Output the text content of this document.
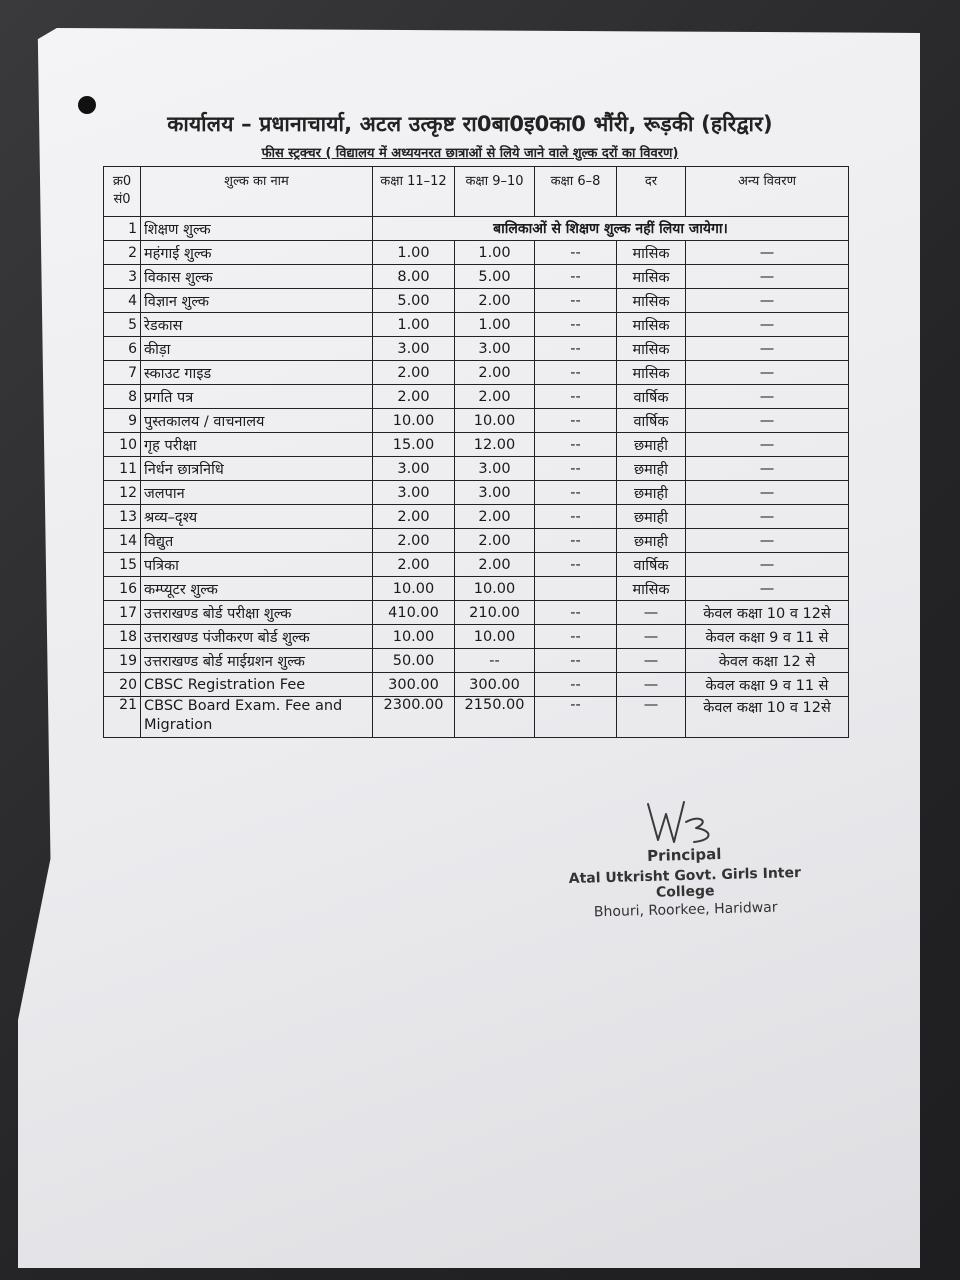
कार्यालय – प्रधानाचार्या, अटल उत्कृष्ट रा0बा0इ0का0 भौंरी, रूड़की (हरिद्वार)
फीस स्ट्रक्चर ( विद्यालय में अध्ययनरत छात्राओं से लिये जाने वाले शुल्क दरों का विवरण)
क्र0 सं0	शुल्क का नाम	कक्षा 11–12	कक्षा 9–10	कक्षा 6–8	दर	अन्य विवरण
1	शिक्षण शुल्क	बालिकाओं से शिक्षण शुल्क नहीं लिया जायेगा।				
2	महंगाई शुल्क	1.00	1.00	--	मासिक	—
3	विकास शुल्क	8.00	5.00	--	मासिक	—
4	विज्ञान शुल्क	5.00	2.00	--	मासिक	—
5	रेडकास	1.00	1.00	--	मासिक	—
6	कीड़ा	3.00	3.00	--	मासिक	—
7	स्काउट गाइड	2.00	2.00	--	मासिक	—
8	प्रगति पत्र	2.00	2.00	--	वार्षिक	—
9	पुस्तकालय / वाचनालय	10.00	10.00	--	वार्षिक	—
10	गृह परीक्षा	15.00	12.00	--	छमाही	—
11	निर्धन छात्रनिधि	3.00	3.00	--	छमाही	—
12	जलपान	3.00	3.00	--	छमाही	—
13	श्रव्य–दृश्य	2.00	2.00	--	छमाही	—
14	विद्युत	2.00	2.00	--	छमाही	—
15	पत्रिका	2.00	2.00	--	वार्षिक	—
16	कम्प्यूटर शुल्क	10.00	10.00		मासिक	—
17	उत्तराखण्ड बोर्ड परीक्षा शुल्क	410.00	210.00	--	—	केवल कक्षा 10 व 12से
18	उत्तराखण्ड पंजीकरण बोर्ड शुल्क	10.00	10.00	--	—	केवल कक्षा 9 व 11 से
19	उत्तराखण्ड बोर्ड माईग्रशन शुल्क	50.00	--	--	—	केवल कक्षा 12 से
20	CBSC Registration Fee	300.00	300.00	--	—	केवल कक्षा 9 व 11 से
21	CBSC Board Exam. Fee and Migration	2300.00	2150.00	--	—	केवल कक्षा 10 व 12से
Principal
Atal Utkrisht Govt. Girls Inter College
Bhouri, Roorkee, Haridwar
